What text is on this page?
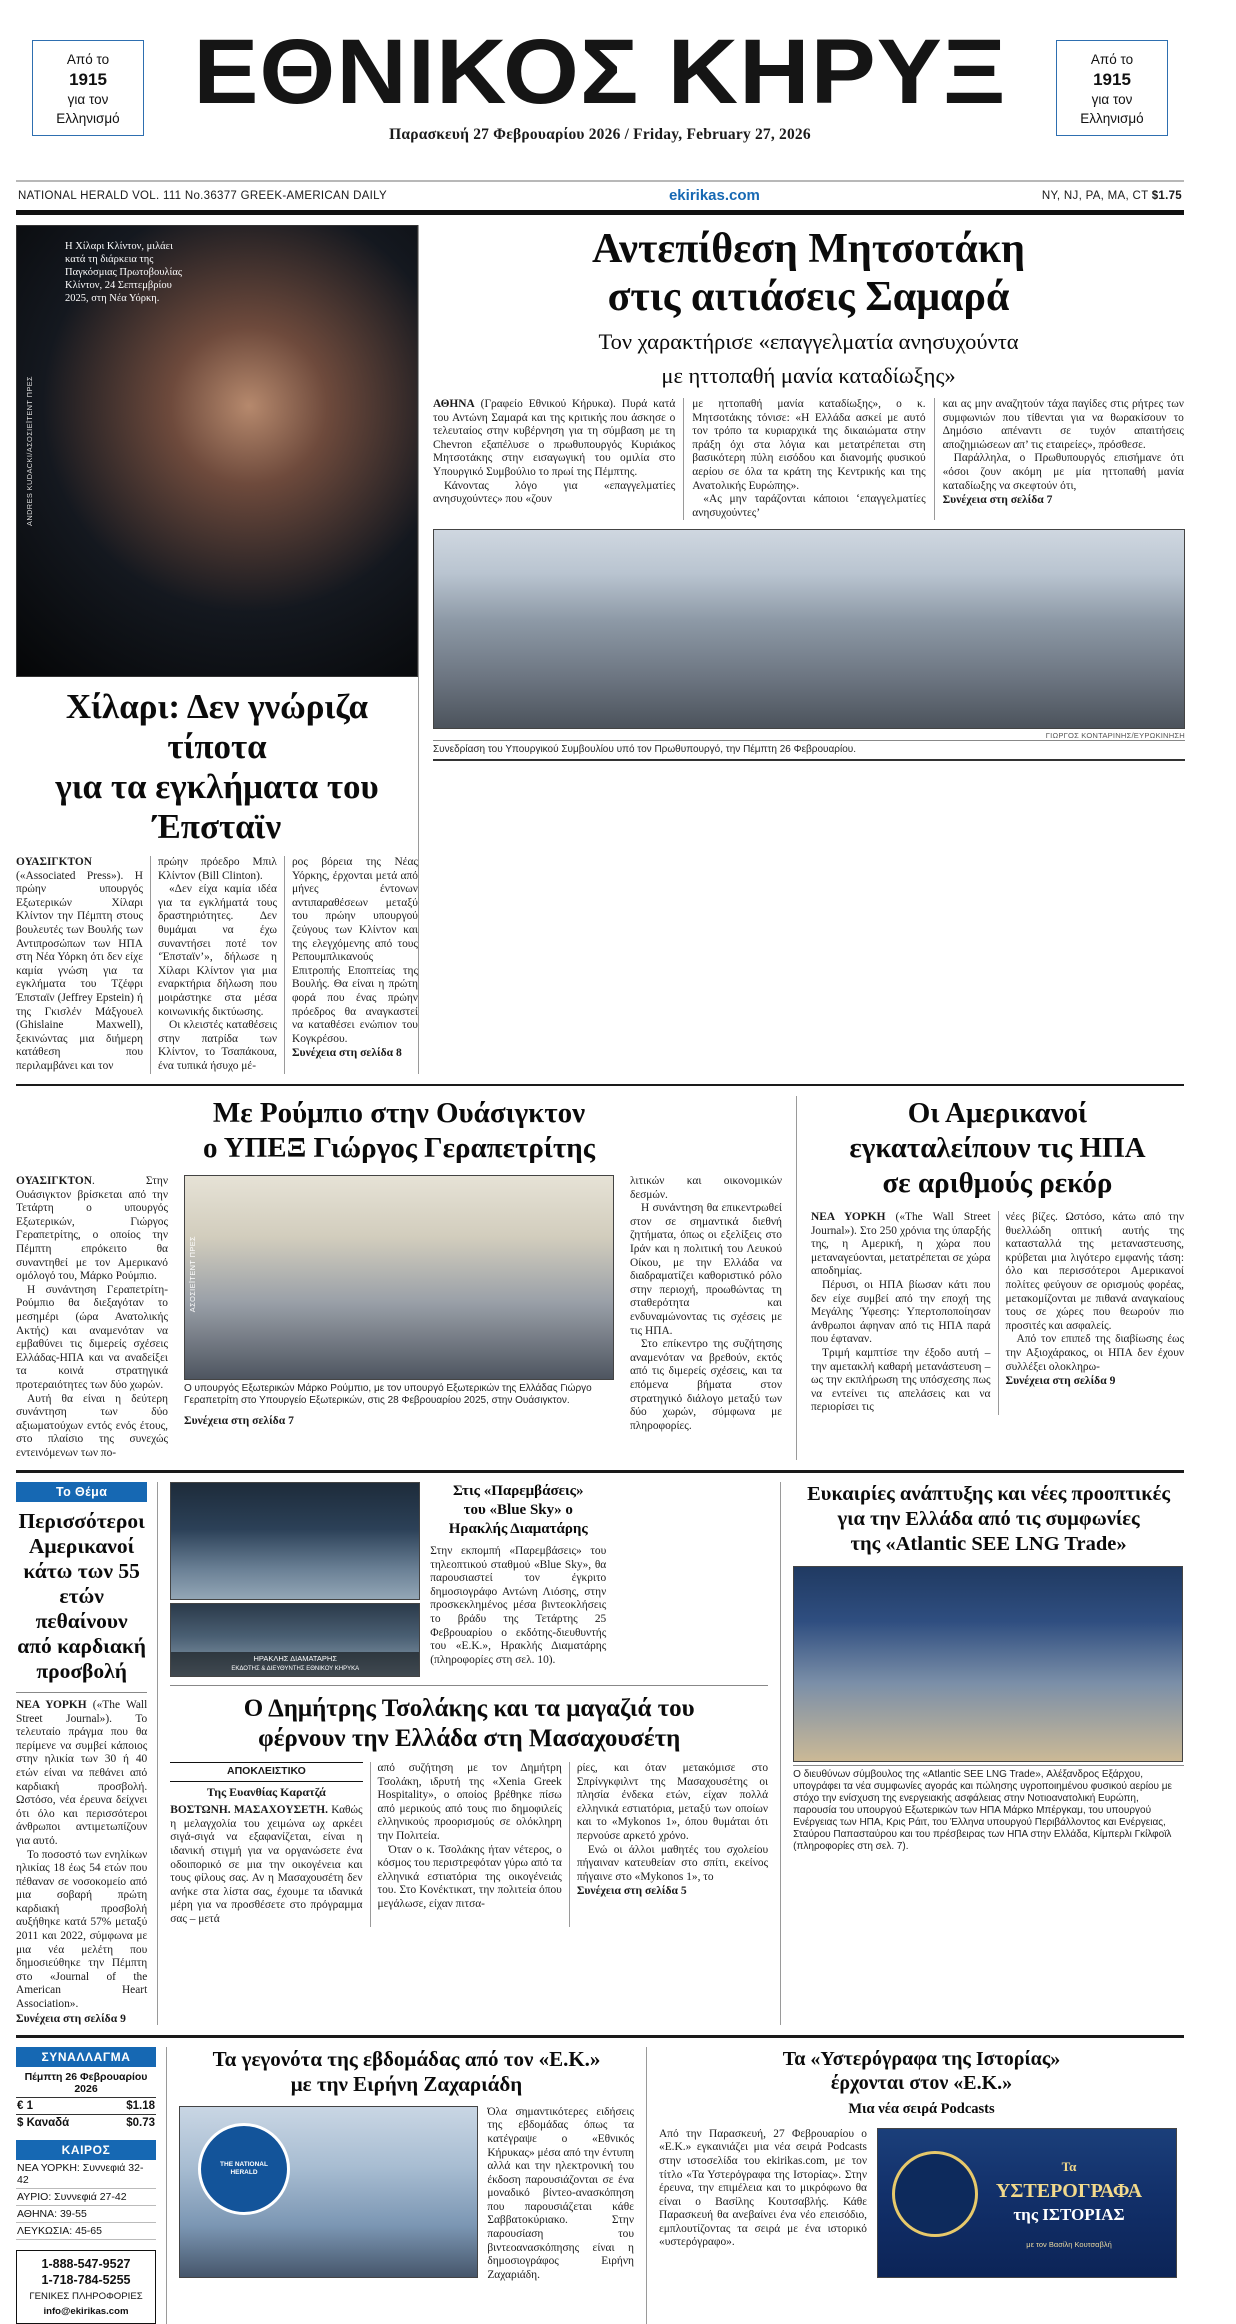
Από το
1915
για τον
Ελληνισμό
Από το
1915
για τον
Ελληνισμό
ΕΘΝΙΚΟΣ ΚΗΡΥΞ
Παρασκευή 27 Φεβρουαρίου 2026 / Friday, February 27, 2026
NATIONAL HERALD VOL. 111 No.36377 GREEK-AMERICAN DAILY	ekirikas.com	NY, NJ, PA, MA, CT $1.75
Η Χίλαρι Κλίντον, μιλάει κατά τη διάρκεια της Παγκόσμιας Πρωτοβουλίας Κλίντον, 24 Σεπτεμβρίου 2025, στη Νέα Υόρκη.
ANDRES KUDACKI/ΑΣΟΣΙΕΪΤΕΝΤ ΠΡΕΣ
Χίλαρι: Δεν γνώριζα τίποτα
για τα εγκλήματα του Έπσταϊν

ΟΥΑΣΙΓΚΤΟΝ («Associated Press»). Η πρώην υπουργός Εξωτερικών Χίλαρι Κλίντον την Πέμπτη στους βουλευτές των Βουλής των Αντιπροσώπων των ΗΠΑ στη Νέα Υόρκη ότι δεν είχε καμία γνώση για τα εγκλήματα του Τζέφρι Έπσταϊν (Jeffrey Epstein) ή της Γκισλέν Μάξγουελ (Ghislaine Maxwell), ξεκινώντας μια διήμερη κατάθεση που περιλαμβάνει και τον

πρώην πρόεδρο Μπιλ Κλίντον (Bill Clinton).

«Δεν είχα καμία ιδέα για τα εγκλήματά τους δραστηριότητες. Δεν θυμάμαι να έχω συναντήσει ποτέ τον ‘Έπσταϊν’», δήλωσε η Χίλαρι Κλίντον για μια εναρκτήρια δήλωση που μοιράστηκε στα μέσα κοινωνικής δικτύωσης.

Οι κλειστές καταθέσεις στην πατρίδα των Κλίντον, το Τσαπάκουα, ένα τυπικά ήσυχο μέ-

ρος βόρεια της Νέας Υόρκης, έρχονται μετά από μήνες έντονων αντιπαραθέσεων μεταξύ του πρώην υπουργού ζεύγους των Κλίντον και της ελεγχόμενης από τους Ρεπουμπλικανούς Επιτροπής Εποπτείας της Βουλής. Θα είναι η πρώτη φορά που ένας πρώην πρόεδρος θα αναγκαστεί να καταθέσει ενώπιον του Κογκρέσου.

Συνέχεια στη σελίδα 8

Αντεπίθεση Μητσοτάκη
στις αιτιάσεις Σαμαρά
Τον χαρακτήρισε «επαγγελματία ανησυχούντα
με ηττοπαθή μανία καταδίωξης»

ΑΘΗΝΑ (Γραφείο Εθνικού Κήρυκα). Πυρά κατά του Αντώνη Σαμαρά και της κριτικής που άσκησε ο τελευταίος στην κυβέρνηση για τη σύμβαση με τη Chevron εξαπέλυσε ο πρωθυπουργός Κυριάκος Μητσοτάκης στην εισαγωγική του ομιλία στο Υπουργικό Συμβούλιο το πρωί της Πέμπτης.

Κάνοντας λόγο για «επαγγελματίες ανησυχούντες» που «ζουν

με ηττοπαθή μανία καταδίωξης», ο κ. Μητσοτάκης τόνισε: «Η Ελλάδα ασκεί με αυτό τον τρόπο τα κυριαρχικά της δικαιώματα στην πράξη όχι στα λόγια και μετατρέπεται στη βασικότερη πύλη εισόδου και διανομής φυσικού αερίου σε όλα τα κράτη της Κεντρικής και της Ανατολικής Ευρώπης».

«Ας μην ταράζονται κάποιοι ‘επαγγελματίες ανησυχούντες’

και ας μην αναζητούν τάχα παγίδες στις ρήτρες των συμφωνιών που τίθενται για να θωρακίσουν το Δημόσιο απέναντι σε τυχόν απαιτήσεις αποζημιώσεων απ’ τις εταιρείες», πρόσθεσε.

Παράλληλα, ο Πρωθυπουργός επισήμανε ότι «όσοι ζουν ακόμη με μία ηττοπαθή μανία καταδίωξης να σκεφτούν ότι,

Συνέχεια στη σελίδα 7

ΓΙΩΡΓΟΣ ΚΟΝΤΑΡΙΝΗΣ/ΕΥΡΩΚΙΝΗΣΗ
Συνεδρίαση του Υπουργικού Συμβουλίου υπό τον Πρωθυπουργό, την Πέμπτη 26 Φεβρουαρίου.
Με Ρούμπιο στην Ουάσιγκτον
ο ΥΠΕΞ Γιώργος Γεραπετρίτης

ΟΥΑΣΙΓΚΤΟΝ. Στην Ουάσιγκτον βρίσκεται από την Τετάρτη ο υπουργός Εξωτερικών, Γιώργος Γεραπετρίτης, ο οποίος την Πέμπτη επρόκειτο θα συναντηθεί με τον Αμερικανό ομόλογό του, Μάρκο Ρούμπιο.

Η συνάντηση Γεραπετρίτη-Ρούμπιο θα διεξαγόταν το μεσημέρι (ώρα Ανατολικής Ακτής) και αναμενόταν να εμβαθύνει τις διμερείς σχέσεις Ελλάδας-ΗΠΑ και να αναδείξει τα κοινά στρατηγικά προτεραιότητες των δύο χωρών.

Αυτή θα είναι η δεύτερη συνάντηση των δύο αξιωματούχων εντός ενός έτους, στο πλαίσιο της συνεχώς εντεινόμενων των πο-

ΑΣΟΣΙΕΪΤΕΝΤ ΠΡΕΣ
Ο υπουργός Εξωτερικών Μάρκο Ρούμπιο, με τον υπουργό Εξωτερικών της Ελλάδας Γιώργο Γεραπετρίτη στο Υπουργείο Εξωτερικών, στις 28 Φεβρουαρίου 2025, στην Ουάσιγκτον.

Συνέχεια στη σελίδα 7

λιτικών και οικονομικών δεσμών.

Η συνάντηση θα επικεντρωθεί στον σε σημαντικά διεθνή ζητήματα, όπως οι εξελίξεις στο Ιράν και η πολιτική του Λευκού Οίκου, με την Ελλάδα να διαδραματίζει καθοριστικό ρόλο στην περιοχή, προωθώντας τη σταθερότητα και ενδυναμώνοντας τις σχέσεις με τις ΗΠΑ.

Στο επίκεντρο της συζήτησης αναμενόταν να βρεθούν, εκτός από τις διμερείς σχέσεις, και τα επόμενα βήματα στον στρατηγικό διάλογο μεταξύ των δύο χωρών, σύμφωνα με πληροφορίες.

Οι Αμερικανοί
εγκαταλείπουν τις ΗΠΑ
σε αριθμούς ρεκόρ

ΝΕΑ ΥΟΡΚΗ («The Wall Street Journal»). Στο 250 χρόνια της ύπαρξής της, η Αμερική, η χώρα που μεταναγεύονται, μετατρέπεται σε χώρα αποδημίας.

Πέρυσι, οι ΗΠΑ βίωσαν κάτι που δεν είχε συμβεί από την εποχή της Μεγάλης Ύφεσης: Υπερτοποποίησαν άνθρωποι άφηναν από τις ΗΠΑ παρά που έφταναν.

Τριμή καμπτίσε την έξοδο αυτή – την αμετακλή καθαρή μετανάστευση – ως την εκπλήρωση της υπόσχεσης πως να εντείνει τις απελάσεις και να περιορίσει τις

νέες βίζες. Ωστόσο, κάτω από την θυελλώδη οπτική αυτής της κατασταλλά της μεταναστευσης, κρύβεται μια λιγότερο εμφανής τάση: όλο και περισσότεροι Αμερικανοί πολίτες φεύγουν σε ορισμούς φορέας, μετακομίζονται με πιθανά αναγκαίους τους σε χώρες που θεωρούν πιο προσιτές και ασφαλείς.

Από τον επιπεδ της διαβίωσης έως την Αξιοχάρακος, οι ΗΠΑ δεν έχουν συλλέξει ολοκληρω-

Συνέχεια στη σελίδα 9

Το Θέμα
Περισσότεροι Αμερικανοί κάτω των 55 ετών πεθαίνουν από καρδιακή προσβολή

ΝΕΑ ΥΟΡΚΗ («The Wall Street Journal»). Το τελευταίο πράγμα που θα περίμενε να συμβεί κάποιος στην ηλικία των 30 ή 40 ετών είναι να πεθάνει από καρδιακή προσβολή. Ωστόσο, νέα έρευνα δείχνει ότι όλο και περισσότεροι άνθρωποι αντιμετωπίζουν για αυτό.

Το ποσοστό των ενηλίκων ηλικίας 18 έως 54 ετών που πέθαναν σε νοσοκομείο από μια σοβαρή πρώτη καρδιακή προσβολή αυξήθηκε κατά 57% μεταξύ 2011 και 2022, σύμφωνα με μια νέα μελέτη που δημοσιεύθηκε την Πέμπτη στο «Journal of the American Heart Association».

Συνέχεια στη σελίδα 9

ΗΡΑΚΛΗΣ ΔΙΑΜΑΤΑΡΗΣ
ΕΚΔΟΤΗΣ & ΔΙΕΥΘΥΝΤΗΣ ΕΘΝΙΚΟΥ ΚΗΡΥΚΑ
Στις «Παρεμβάσεις»
του «Blue Sky» ο
Ηρακλής Διαματάρης

Στην εκπομπή «Παρεμβάσεις» του τηλεοπτικού σταθμού «Blue Sky», θα παρουσιαστεί τον έγκριτο δημοσιογράφο Αντώνη Λιόσης, στην προσκεκλημένος μέσα βιντεοκλήσεις το βράδυ της Τετάρτης 25 Φεβρουαρίου ο εκδότης-διευθυντής του «Ε.Κ.», Ηρακλής Διαματάρης (πληροφορίες στη σελ. 10).

Ο Δημήτρης Τσολάκης και τα μαγαζιά του
φέρνουν την Ελλάδα στη Μασαχουσέτη
ΑΠΟΚΛΕΙΣΤΙΚΟ
Της Ευανθίας Καρατζά

ΒΟΣΤΩΝΗ. ΜΑΣΑΧΟΥΣΕΤΗ. Καθώς η μελαγχολία του χειμώνα ωχ αρκέει σιγά-σιγά να εξαφανίζεται, είναι η ιδανική στιγμή για να οργανώσετε ένα οδοιπορικό σε μια την οικογένεια και τους φίλους σας. Αν η Μασαχουσέτη δεν ανήκε στα λίστα σας, έχουμε τα ιδανικά μέρη για να προσθέσετε στο πρόγραμμα σας – μετά

από συζήτηση με τον Δημήτρη Τσολάκη, ιδρυτή της «Xenia Greek Hospitality», ο οποίος βρέθηκε πίσω από μερικούς από τους πιο δημοφιλείς ελληνικούς προορισμούς σε ολόκληρη την Πολιτεία.

Όταν ο κ. Τσολάκης ήταν νέτερος, ο κόσμος του περιστρεφόταν γύρω από τα ελληνικά εστιατόρια της οικογένειάς του. Στο Κονέκτικατ, την πολιτεία όπου μεγάλωσε, είχαν πιτσα-

ρίες, και όταν μετακόμισε στο Σπρίνγκφιλντ της Μασαχουσέτης οι πλησία ένδεκα ετών, είχαν πολλά ελληνικά εστιατόρια, μεταξύ των οποίων και το «Mykonos 1», όπου θυμάται ότι περνούσε αρκετό χρόνο.

Ενώ οι άλλοι μαθητές του σχολείου πήγαιναν κατευθείαν στο σπίτι, εκείνος πήγαινε στο «Mykonos 1», το

Συνέχεια στη σελίδα 5

Ευκαιρίες ανάπτυξης και νέες προοπτικές
για την Ελλάδα από τις συμφωνίες
της «Atlantic SEE LNG Trade»
Ο διευθύνων σύμβουλος της «Atlantic SEE LNG Trade», Αλέξανδρος Εξάρχου, υπογράφει τα νέα συμφωνίες αγοράς και πώλησης υγροποιημένου φυσικού αερίου με στόχο την ενίσχυση της ενεργειακής ασφάλειας στην Νοτιοανατολική Ευρώπη, παρουσία του υπουργού Εξωτερικών των ΗΠΑ Μάρκο Μπέργκαμ, του υπουργού Ενέργειας των ΗΠΑ, Κρις Ράιτ, του Έλληνα υπουργού Περιβάλλοντος και Ενέργειας, Σταύρου Παπασταύρου και του πρέσβειρας των ΗΠΑ στην Ελλάδα, Κίμπερλι Γκίλφοϊλ (πληροφορίες στη σελ. 7).
ΣΥΝΑΛΛΑΓΜΑ
Πέμπτη 26 Φεβρουαρίου 2026
€ 1	$1.18
$ Καναδά	$0.73
ΚΑΙΡΟΣ
ΝΕΑ ΥΟΡΚΗ: Συννεφιά 32-42
ΑΥΡΙΟ: Συννεφιά 27-42
ΑΘΗΝΑ: 39-55
ΛΕΥΚΩΣΙΑ: 45-65
1-888-547-9527
1-718-784-5255
ΓΕΝΙΚΕΣ ΠΛΗΡΟΦΟΡΙΕΣ
info@ekirikas.com
Τα γεγονότα της εβδομάδας από τον «Ε.Κ.»
με την Ειρήνη Ζαχαριάδη
THE NATIONAL HERALD

Όλα σημαντικότερες ειδήσεις της εβδομάδας όπως τα κατέγραψε ο «Εθνικός Κήρυκας» μέσα από την έντυπη αλλά και την ηλεκτρονική του έκδοση παρουσιάζονται σε ένα μοναδικό βίντεο-ανασκόπηση που παρουσιάζεται κάθε Σαββατοκύριακο. Στην παρουσίαση του βιντεοανασκόπησης είναι η δημοσιογράφος Ειρήνη Ζαχαριάδη.

Τα «Υστερόγραφα της Ιστορίας»
έρχονται στον «Ε.Κ.»
Μια νέα σειρά Podcasts

Από την Παρασκευή, 27 Φεβρουαρίου ο «Ε.Κ.» εγκαινιάζει μια νέα σειρά Podcasts στην ιστοσελίδα του ekirikas.com, με τον τίτλο «Τα Υστερόγραφα της Ιστορίας». Στην έρευνα, την επιμέλεια και το μικρόφωνο θα είναι ο Βασίλης Κουτσαβλής. Κάθε Παρασκευή θα ανεβαίνει ένα νέο επεισόδιο, εμπλουτίζοντας τα σειρά με ένα ιστορικό «υστερόγραφο».

Τα
ΥΣΤΕΡΟΓΡΑΦΑ
της ΙΣΤΟΡΙΑΣ
με τον Βασίλη Κουτσαβλή
